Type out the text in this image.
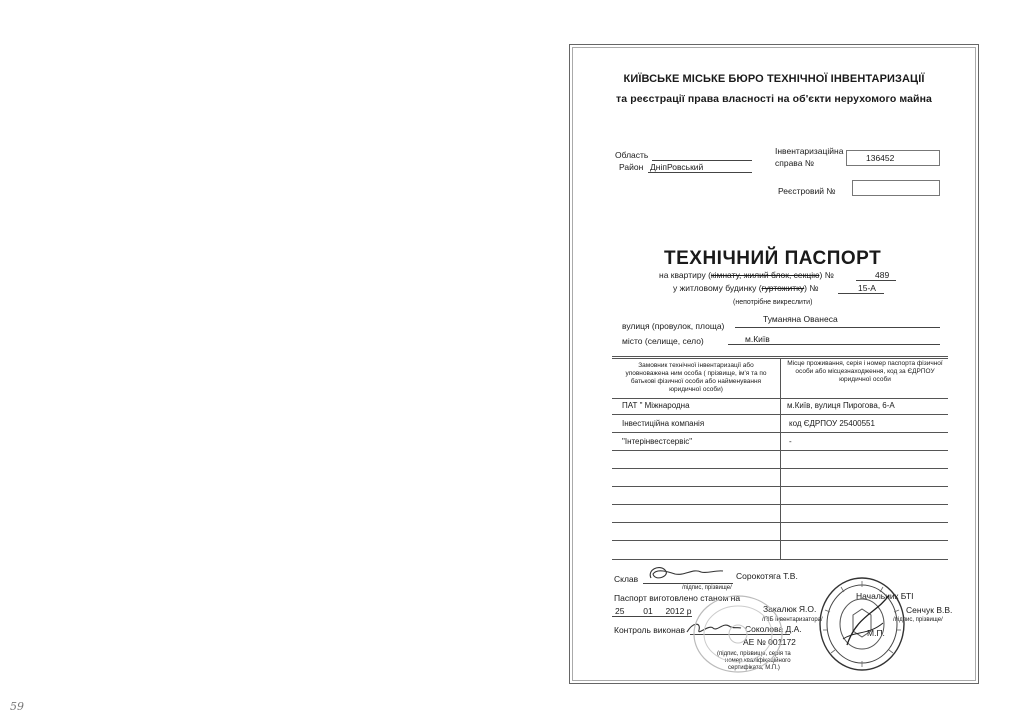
59
КИЇВСЬКЕ МІСЬКЕ БЮРО ТЕХНІЧНОЇ ІНВЕНТАРИЗАЦІЇ
та реєстрації права власності на об'єкти нерухомого майна
Область
Район ДніпРовський
Інвентаризаційна
справа №	136452
Реєстровий №
ТЕХНІЧНИЙ ПАСПОРТ
на квартиру (кімнату, жилий блок, секцію) №	489
у житловому будинку (гуртожитку) №	15-А
(непотрібне викреслити)
Туманяна Ованеса
вулиця (провулок, площа)
місто (селище, село)	м.Київ
Замовник технічної інвентаризації або уповноважена ним особа ( прізвище, ім'я та по батькові фізичної особи або найменування юридичної особи)
Місце проживання, серія і номер паспорта фізичної особи або місцезнаходження, код за ЄДРПОУ юридичної особи
ПАТ " Міжнародна	м.Київ, вулиця Пирогова, 6-А
Інвестиційна компанія	код ЄДРПОУ 25400551
"Інтерінвестсервіс"	-
Склав	Сорокотяга Т.В.
/підпис, прізвище/
Паспорт виготовлено станом на
25 01 2012 р	Закалюк Я.О.
/ПІБ інвентаризатора/
Начальник БТІ
Сенчук В.В.
/підпис, прізвище/
Контроль виконав	Соколова Д.А.
АЕ № 001172
(підпис, прізвище, серія та
номер кваліфікаційного
сертифіката, М.П.)
М.П.
